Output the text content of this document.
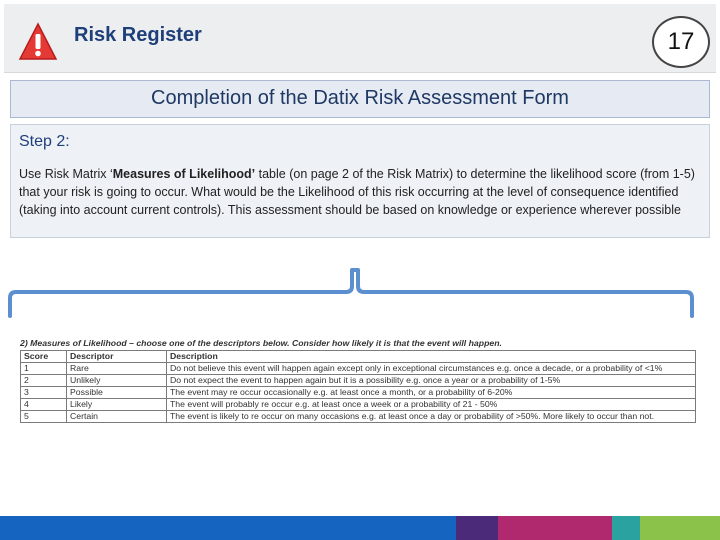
Risk Register	17
Completion of the Datix Risk Assessment Form
Step 2:
Use Risk Matrix ‘Measures of Likelihood’ table (on page 2 of the Risk Matrix) to determine the likelihood score (from 1-5) that your risk is going to occur. What would be the Likelihood of this risk occurring at the level of consequence identified (taking into account current controls). This assessment should be based on knowledge or experience wherever possible
2) Measures of Likelihood – choose one of the descriptors below. Consider how likely it is that the event will happen.
Score	Descriptor	Description
1	Rare	Do not believe this event will happen again except only in exceptional circumstances e.g. once a decade, or a probability of <1%
2	Unlikely	Do not expect the event to happen again but it is a possibility e.g. once a year or a probability of 1-5%
3	Possible	The event may re occur occasionally e.g. at least once a month, or a probability of 6-20%
4	Likely	The event will probably re occur e.g. at least once a week or a probability of 21 - 50%
5	Certain	The event is likely to re occur on many occasions e.g. at least once a day or probability of >50%. More likely to occur than not.
